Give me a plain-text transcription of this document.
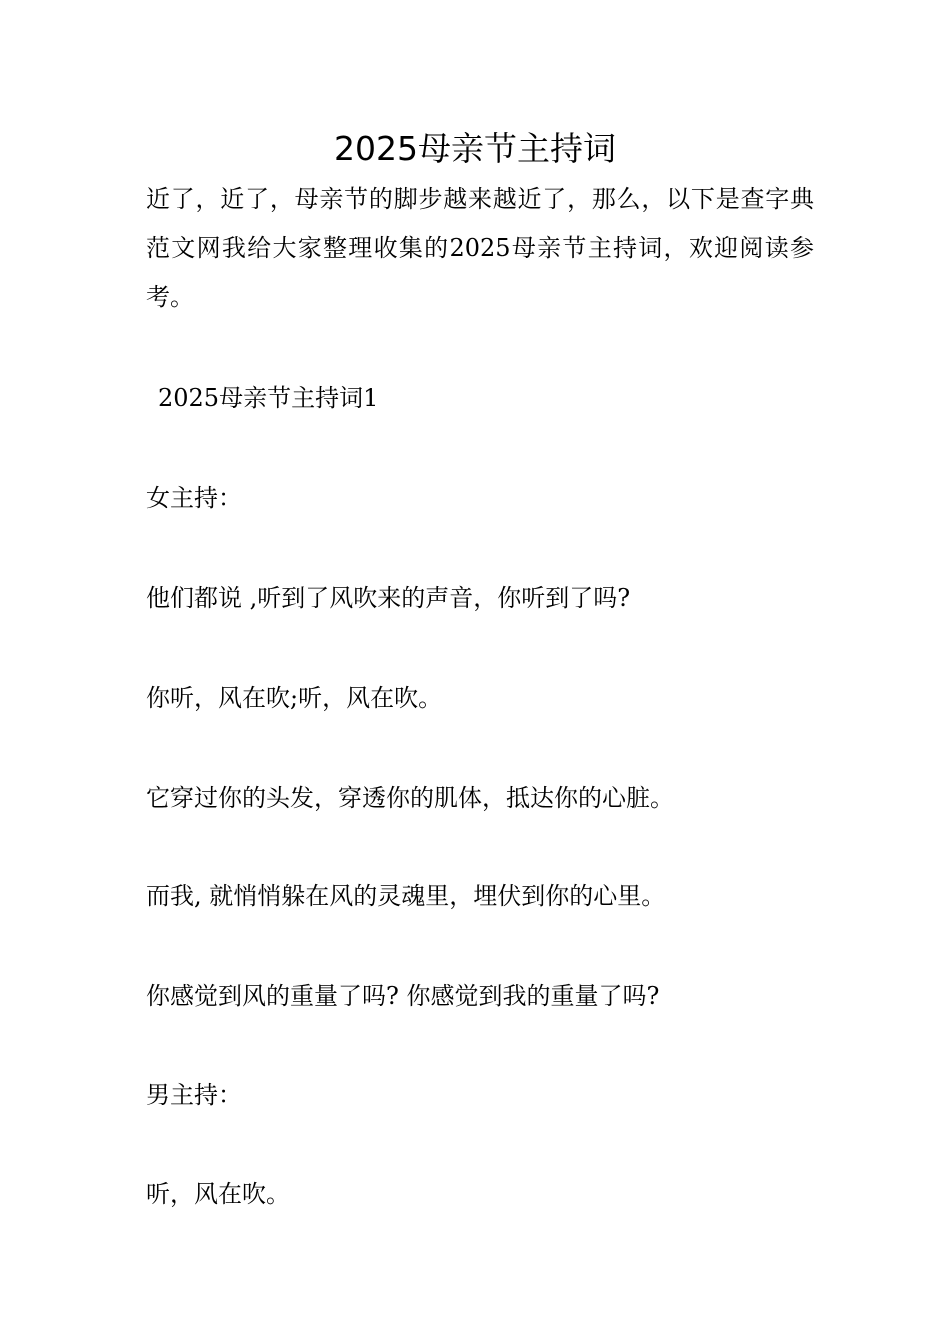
2025母亲节主持词

近了，近了，母亲节的脚步越来越近了，那么，以下是查字典范文网我给大家整理收集的2025母亲节主持词，欢迎阅读参考。

2025母亲节主持词1

女主持：

他们都说 ,听到了风吹来的声音，你听到了吗?

你听，风在吹;听，风在吹。

它穿过你的头发，穿透你的肌体，抵达你的心脏。

而我, 就悄悄躲在风的灵魂里，埋伏到你的心里。

你感觉到风的重量了吗? 你感觉到我的重量了吗?

男主持：

听，风在吹。
